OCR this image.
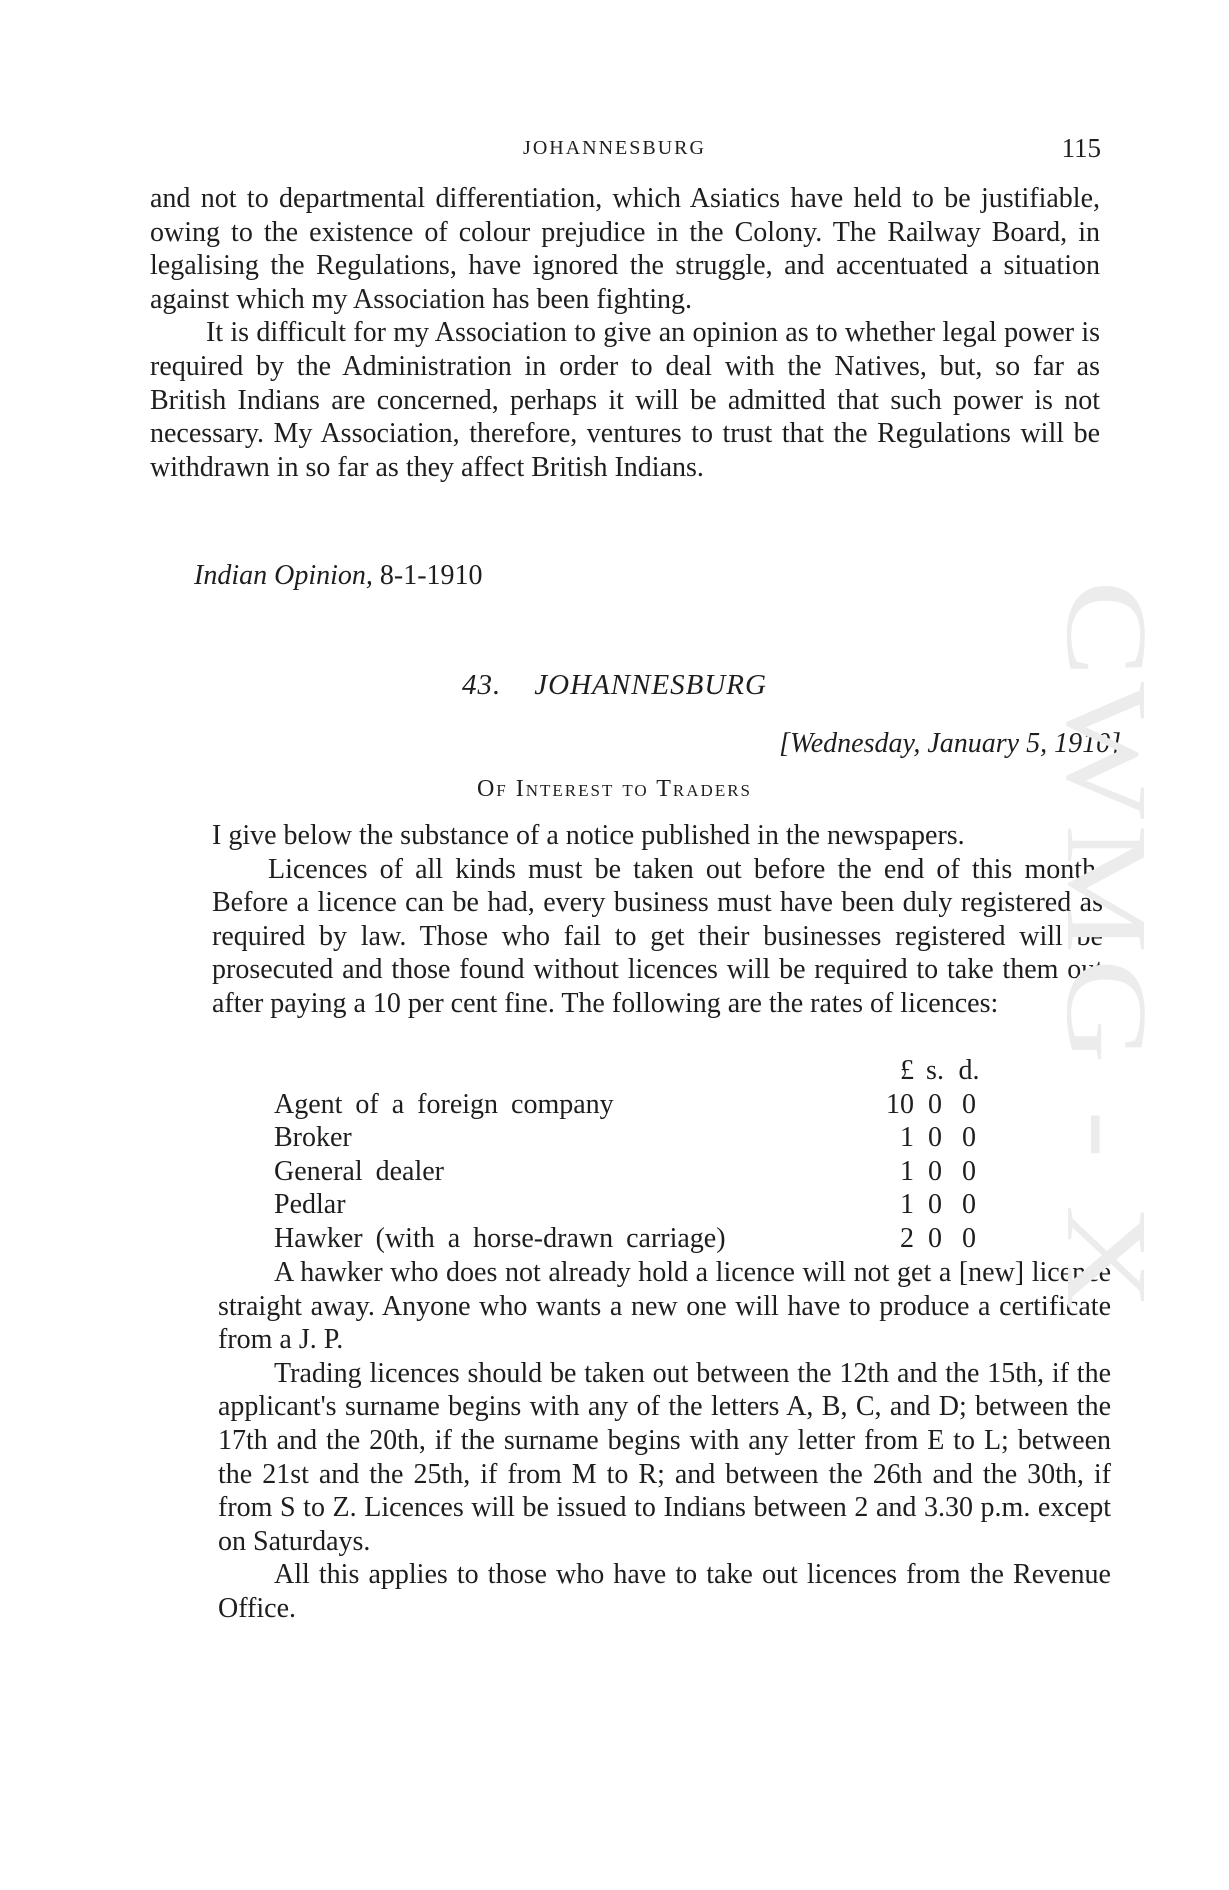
JOHANNESBURG	115

and not to departmental differentiation, which Asiatics have held to be justifiable, owing to the existence of colour prejudice in the Colony. The Railway Board, in legalising the Regulations, have ignored the struggle, and accentuated a situation against which my Association has been fighting.

It is difficult for my Association to give an opinion as to whether legal power is required by the Administration in order to deal with the Natives, but, so far as British Indians are concerned, perhaps it will be admitted that such power is not necessary. My Association, therefore, ventures to trust that the Regulations will be withdrawn in so far as they affect British Indians.

Indian Opinion, 8-1-1910
43. JOHANNESBURG
[Wednesday, January 5, 1910]
Of Interest to Traders

I give below the substance of a notice published in the newspapers.

Licences of all kinds must be taken out before the end of this month. Before a licence can be had, every business must have been duly registered as required by law. Those who fail to get their businesses registered will be prosecuted and those found without licences will be required to take them out after paying a 10 per cent fine. The following are the rates of licences:

£ s. d.
Agent of a foreign company	10 0 0
Broker	1 0 0
General dealer	1 0 0
Pedlar	1 0 0
Hawker (with a horse-drawn carriage)	2 0 0

A hawker who does not already hold a licence will not get a [new] licence straight away. Anyone who wants a new one will have to produce a certificate from a J. P.

Trading licences should be taken out between the 12th and the 15th, if the applicant's surname begins with any of the letters A, B, C, and D; between the 17th and the 20th, if the surname begins with any letter from E to L; between the 21st and the 25th, if from M to R; and between the 26th and the 30th, if from S to Z. Licences will be issued to Indians between 2 and 3.30 p.m. except on Saturdays.

All this applies to those who have to take out licences from the Revenue Office.

CWMG - X
